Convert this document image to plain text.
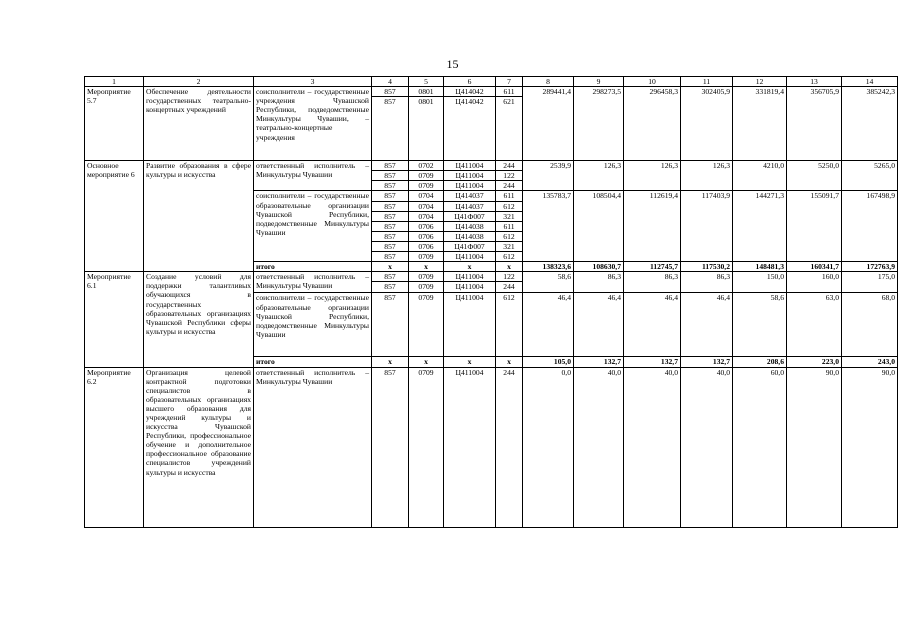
15
1	2	3	4	5	6	7	8	9	10	11	12	13	14
Мероприятие 5.7	Обеспечение деятельности государственных театрально-концертных учреждений	соисполнители – государственные учреждения Чувашской Республики, подведомственные Минкультуры Чувашии, – театрально-концертные учреждения	857	0801	Ц414042	611	289441,4	298273,5	296458,3	302405,9	331819,4	356705,9	385242,3
			857	0801	Ц414042	621							
Основное мероприятие 6	Развитие образования в сфере культуры и искусства	ответственный исполнитель – Минкультуры Чувашии	857	0702	Ц411004	244	2539,9	126,3	126,3	126,3	4210,0	5250,0	5265,0
			857	0709	Ц411004	122							
			857	0709	Ц411004	244							
		соисполнители – государственные образовательные организации Чувашской Республики, подведомственные Минкультуры Чувашии	857	0704	Ц414037	611	135783,7	108504,4	112619,4	117403,9	144271,3	155091,7	167498,9
			857	0704	Ц414037	612							
			857	0704	Ц41Ф007	321							
			857	0706	Ц414038	611							
			857	0706	Ц414038	612							
			857	0706	Ц41Ф007	321							
			857	0709	Ц411004	612							
		итого	x	x	x	x	138323,6	108630,7	112745,7	117530,2	148481,3	160341,7	172763,9
Мероприятие 6.1	Создание условий для поддержки талантливых обучающихся в государственных образовательных организациях Чувашской Республики сферы культуры и искусства	ответственный исполнитель – Минкультуры Чувашии	857	0709	Ц411004	122	58,6	86,3	86,3	86,3	150,0	160,0	175,0
			857	0709	Ц411004	244							
		соисполнители – государственные образовательные организации Чувашской Республики, подведомственные Минкультуры Чувашии	857	0709	Ц411004	612	46,4	46,4	46,4	46,4	58,6	63,0	68,0
		итого	x	x	x	x	105,0	132,7	132,7	132,7	208,6	223,0	243,0
Мероприятие 6.2	Организация целевой контрактной подготовки специалистов в образовательных организациях высшего образования для учреждений культуры и искусства Чувашской Республики, профессиональное обучение и дополнительное профессиональное образование специалистов учреждений культуры и искусства	ответственный исполнитель – Минкультуры Чувашии	857	0709	Ц411004	244	0,0	40,0	40,0	40,0	60,0	90,0	90,0
